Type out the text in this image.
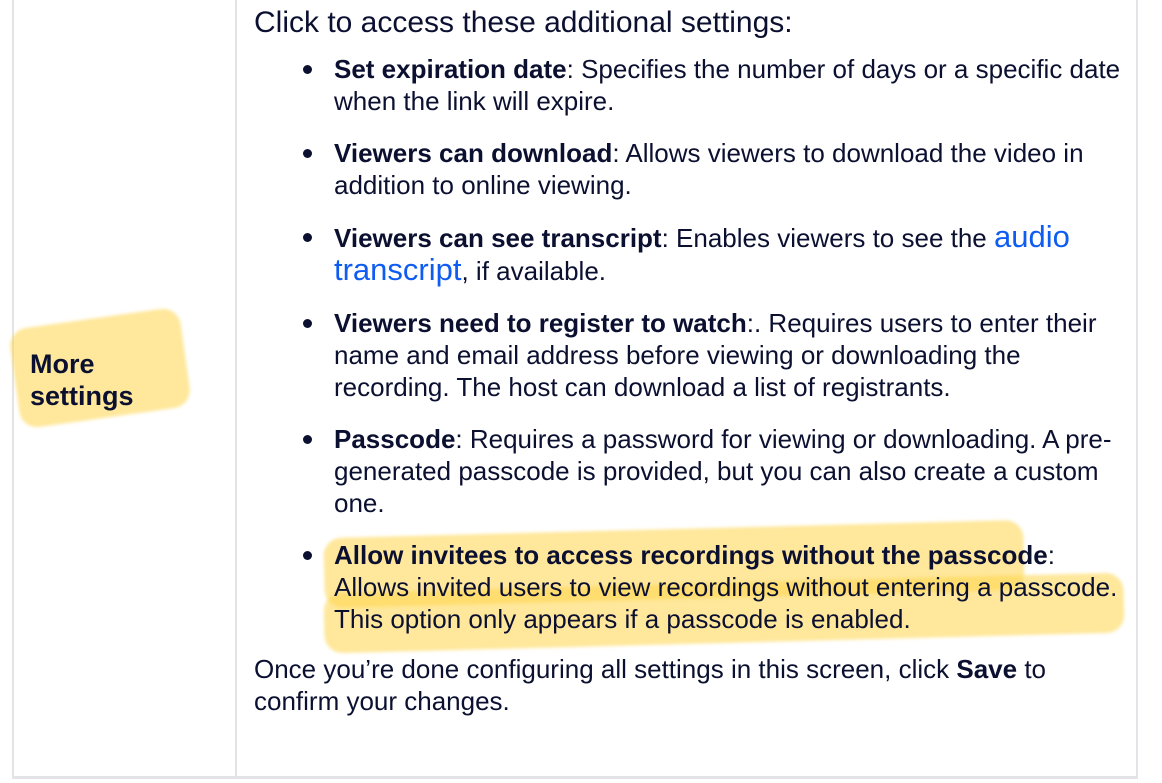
More
settings
Click to access these additional settings:
Set expiration date: Specifies the number of days or a specific date when the link will expire.
Viewers can download: Allows viewers to download the video in addition to online viewing.
Viewers can see transcript: Enables viewers to see the audio transcript, if available.
Viewers need to register to watch:. Requires users to enter their name and email address before viewing or downloading the recording. The host can download a list of registrants.
Passcode: Requires a password for viewing or downloading. A pre-generated passcode is provided, but you can also create a custom one.
Allow invitees to access recordings without the passcode: Allows invited users to view recordings without entering a passcode. This option only appears if a passcode is enabled.
Once you’re done configuring all settings in this screen, click Save to confirm your changes.
